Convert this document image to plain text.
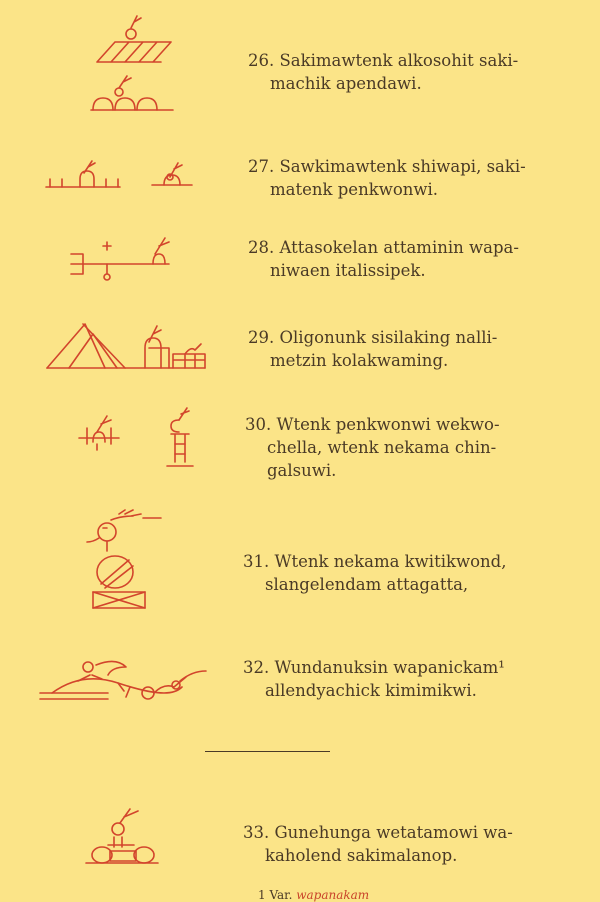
26. Sakimawtenk alkosohit saki-
machik apendawi.
27. Sawkimawtenk shiwapi, saki-
matenk penkwonwi.
28. Attasokelan attaminin wapa-
niwaen italissipek.
29. Oligonunk sisilaking nalli-
metzin kolakwaming.
30. Wtenk penkwonwi wekwo-
chella, wtenk nekama chin-
galsuwi.
31. Wtenk nekama kwitikwond,
slangelendam attagatta,
32. Wundanuksin wapanickam¹
allendyachick kimimikwi.
33. Gunehunga wetatamowi wa-
kaholend sakimalanop.
1 Var. wapanakam
